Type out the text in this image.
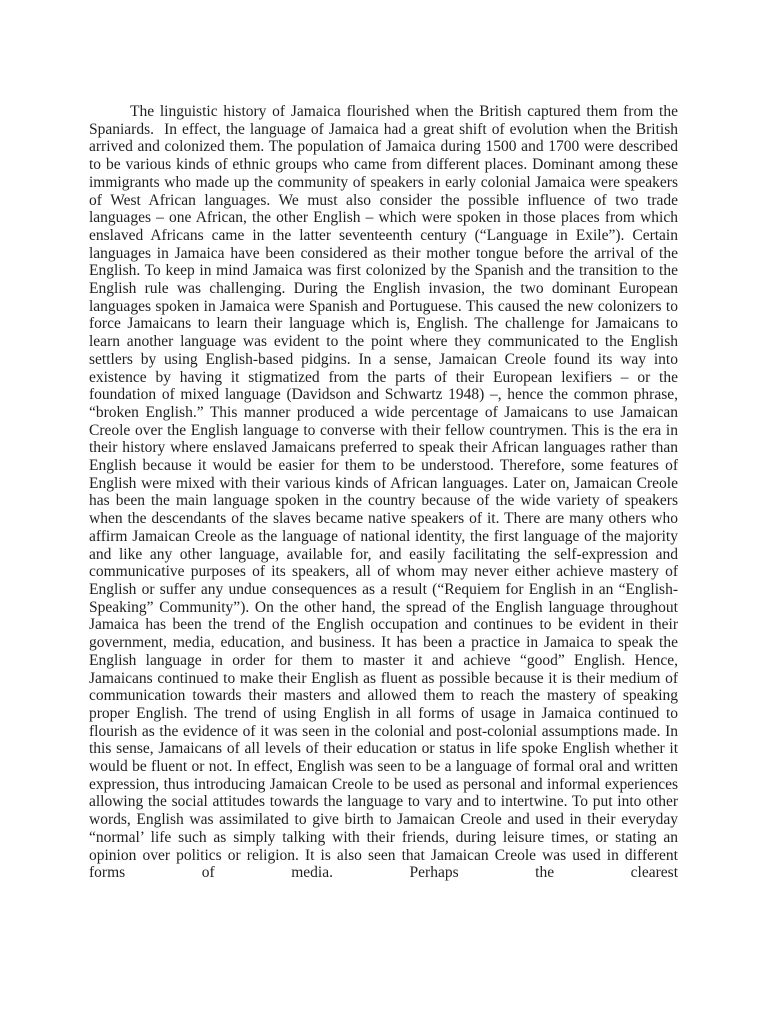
The linguistic history of Jamaica flourished when the British captured them from the Spaniards.  In effect, the language of Jamaica had a great shift of evolution when the British arrived and colonized them. The population of Jamaica during 1500 and 1700 were described to be various kinds of ethnic groups who came from different places. Dominant among these immigrants who made up the community of speakers in early colonial Jamaica were speakers of West African languages. We must also consider the possible influence of two trade languages – one African, the other English – which were spoken in those places from which enslaved Africans came in the latter seventeenth century (“Language in Exile”). Certain languages in Jamaica have been considered as their mother tongue before the arrival of the English. To keep in mind Jamaica was first colonized by the Spanish and the transition to the English rule was challenging. During the English invasion, the two dominant European languages spoken in Jamaica were Spanish and Portuguese. This caused the new colonizers to force Jamaicans to learn their language which is, English. The challenge for Jamaicans to learn another language was evident to the point where they communicated to the English settlers by using English-based pidgins. In a sense, Jamaican Creole found its way into existence by having it stigmatized from the parts of their European lexifiers – or the foundation of mixed language (Davidson and Schwartz 1948) –, hence the common phrase, “broken English.” This manner produced a wide percentage of Jamaicans to use Jamaican Creole over the English language to converse with their fellow countrymen. This is the era in their history where enslaved Jamaicans preferred to speak their African languages rather than English because it would be easier for them to be understood. Therefore, some features of English were mixed with their various kinds of African languages. Later on, Jamaican Creole has been the main language spoken in the country because of the wide variety of speakers when the descendants of the slaves became native speakers of it. There are many others who affirm Jamaican Creole as the language of national identity, the first language of the majority and like any other language, available for, and easily facilitating the self-expression and communicative purposes of its speakers, all of whom may never either achieve mastery of English or suffer any undue consequences as a result (“Requiem for English in an “English-Speaking” Community”). On the other hand, the spread of the English language throughout Jamaica has been the trend of the English occupation and continues to be evident in their government, media, education, and business. It has been a practice in Jamaica to speak the English language in order for them to master it and achieve “good” English. Hence, Jamaicans continued to make their English as fluent as possible because it is their medium of communication towards their masters and allowed them to reach the mastery of speaking proper English. The trend of using English in all forms of usage in Jamaica continued to flourish as the evidence of it was seen in the colonial and post-colonial assumptions made. In this sense, Jamaicans of all levels of their education or status in life spoke English whether it would be fluent or not. In effect, English was seen to be a language of formal oral and written expression, thus introducing Jamaican Creole to be used as personal and informal experiences allowing the social attitudes towards the language to vary and to intertwine. To put into other words, English was assimilated to give birth to Jamaican Creole and used in their everyday “normal’ life such as simply talking with their friends, during leisure times, or stating an opinion over politics or religion. It is also seen that Jamaican Creole was used in different forms of media. Perhaps the clearest
